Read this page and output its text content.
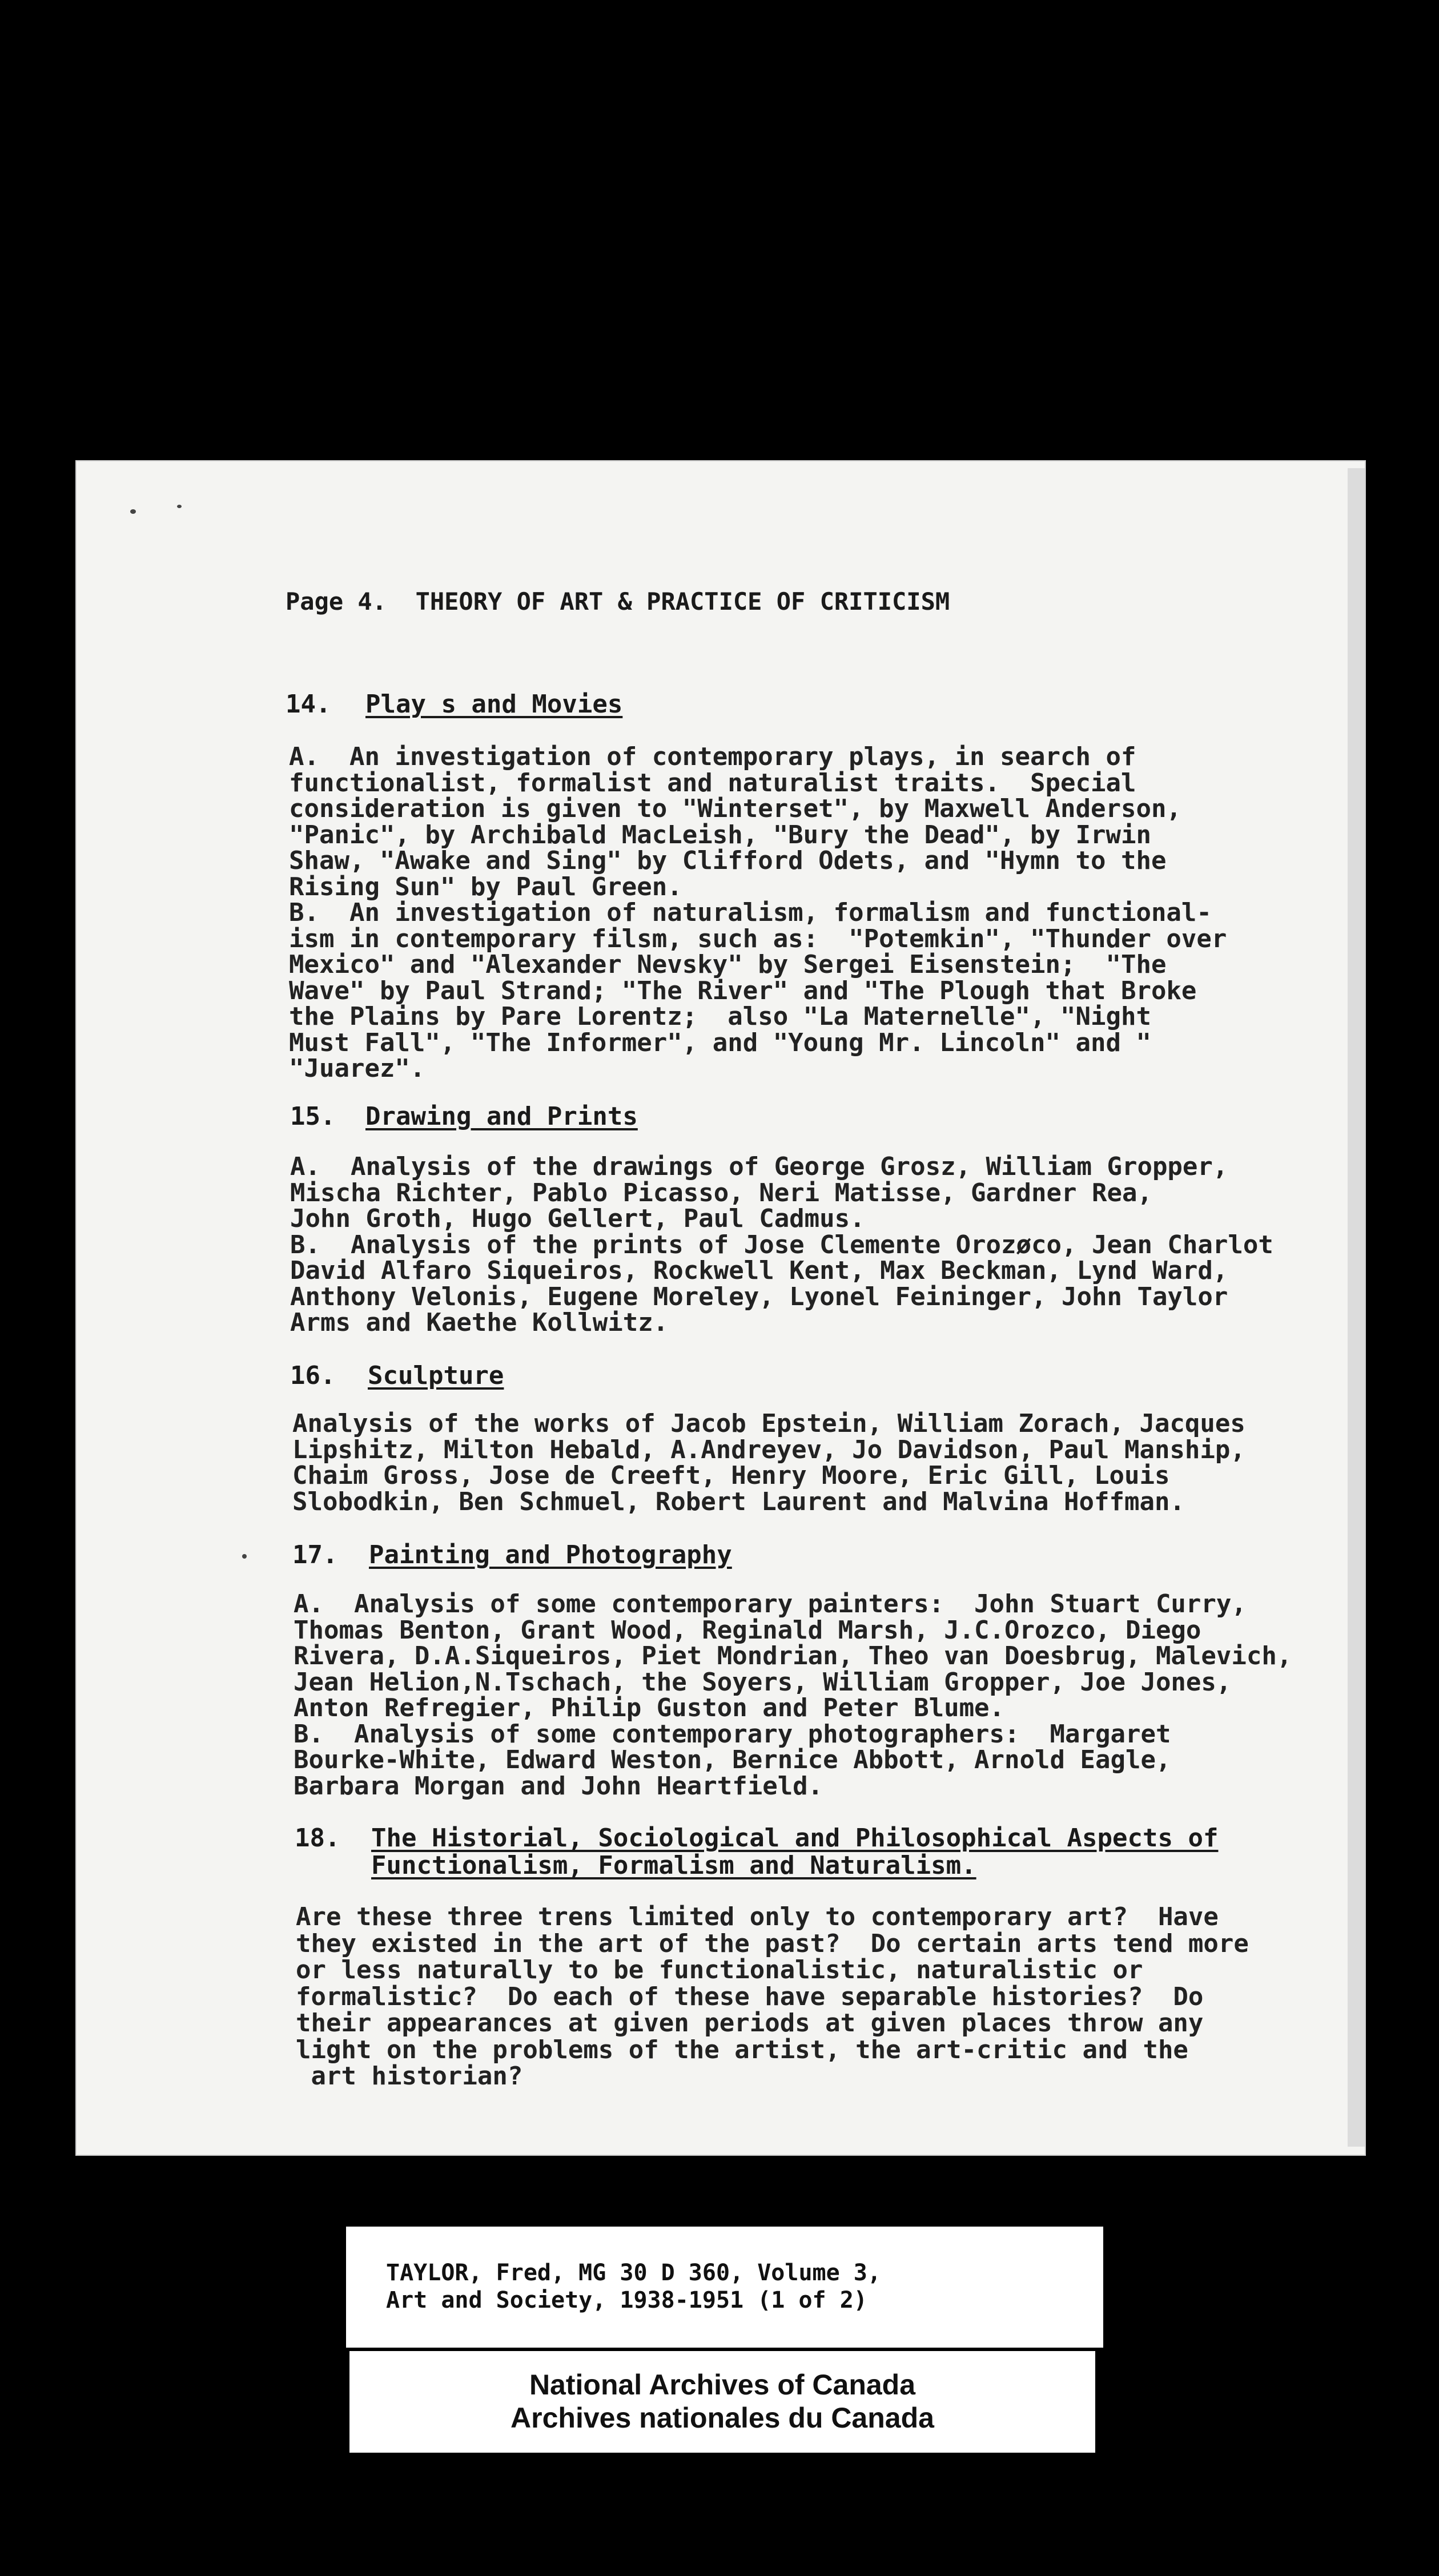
Page 4.  THEORY OF ART & PRACTICE OF CRITICISM
14. Play s and Movies
A.  An investigation of contemporary plays, in search of
functionalist, formalist and naturalist traits.  Special
consideration is given to "Winterset", by Maxwell Anderson,
"Panic", by Archibald MacLeish, "Bury the Dead", by Irwin
Shaw, "Awake and Sing" by Clifford Odets, and "Hymn to the
Rising Sun" by Paul Green.
B.  An investigation of naturalism, formalism and functional-
ism in contemporary filsm, such as:  "Potemkin", "Thunder over
Mexico" and "Alexander Nevsky" by Sergei Eisenstein;  "The
Wave" by Paul Strand; "The River" and "The Plough that Broke
the Plains by Pare Lorentz;  also "La Maternelle", "Night
Must Fall", "The Informer", and "Young Mr. Lincoln" and "
"Juarez".
15. Drawing and Prints
A.  Analysis of the drawings of George Grosz, William Gropper,
Mischa Richter, Pablo Picasso, Neri Matisse, Gardner Rea,
John Groth, Hugo Gellert, Paul Cadmus.
B.  Analysis of the prints of Jose Clemente Orozøco, Jean Charlot
David Alfaro Siqueiros, Rockwell Kent, Max Beckman, Lynd Ward,
Anthony Velonis, Eugene Moreley, Lyonel Feininger, John Taylor
Arms and Kaethe Kollwitz.
16. Sculpture
Analysis of the works of Jacob Epstein, William Zorach, Jacques
Lipshitz, Milton Hebald, A.Andreyev, Jo Davidson, Paul Manship,
Chaim Gross, Jose de Creeft, Henry Moore, Eric Gill, Louis
Slobodkin, Ben Schmuel, Robert Laurent and Malvina Hoffman.
17. Painting and Photography
A.  Analysis of some contemporary painters:  John Stuart Curry,
Thomas Benton, Grant Wood, Reginald Marsh, J.C.Orozco, Diego
Rivera, D.A.Siqueiros, Piet Mondrian, Theo van Doesbrug, Malevich,
Jean Helion,N.Tschach, the Soyers, William Gropper, Joe Jones,
Anton Refregier, Philip Guston and Peter Blume.
B.  Analysis of some contemporary photographers:  Margaret
Bourke-White, Edward Weston, Bernice Abbott, Arnold Eagle,
Barbara Morgan and John Heartfield.
18. The Historial, Sociological and Philosophical Aspects of
Functionalism, Formalism and Naturalism.
Are these three trens limited only to contemporary art?  Have
they existed in the art of the past?  Do certain arts tend more
or less naturally to be functionalistic, naturalistic or
formalistic?  Do each of these have separable histories?  Do
their appearances at given periods at given places throw any
light on the problems of the artist, the art-critic and the
art historian?
TAYLOR, Fred, MG 30 D 360, Volume 3,
Art and Society, 1938-1951 (1 of 2)
National Archives of Canada
Archives nationales du Canada
